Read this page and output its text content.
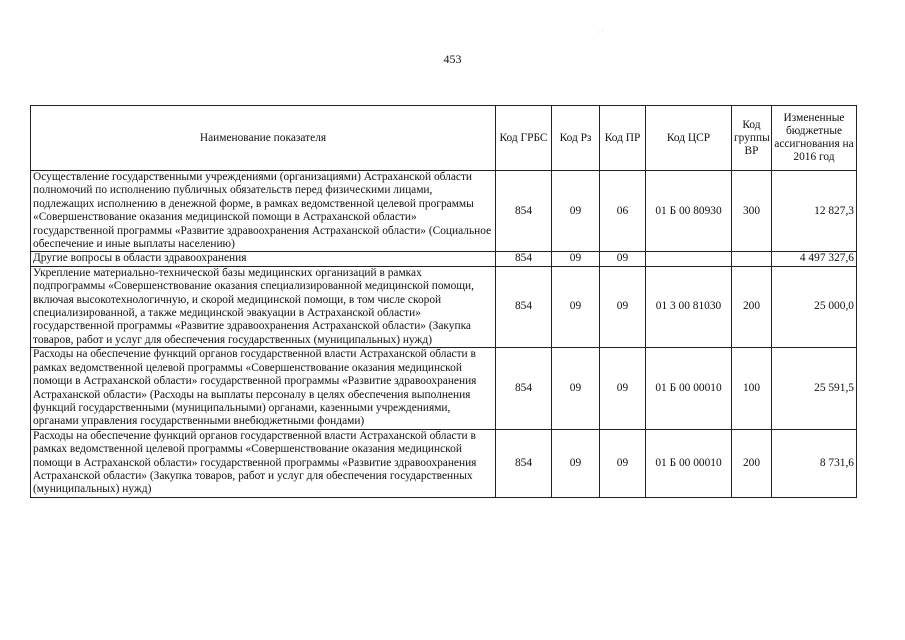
· '
453
Наименование показателя	Код ГРБС	Код Рз	Код ПР	Код ЦСР	Код группы ВР	Измененные бюджетные ассигнования на 2016 год
Осуществление государственными учреждениями (организациями) Астраханской области полномочий по исполнению публичных обязательств перед физическими лицами, подлежащих исполнению в денежной форме, в рамках ведомственной целевой программы «Совершенствование оказания медицинской помощи в Астраханской области» государственной программы «Развитие здравоохранения Астраханской области» (Социальное обеспечение и иные выплаты населению)	854	09	06	01 Б 00 80930	300	12 827,3
Другие вопросы в области здравоохранения	854	09	09			4 497 327,6
Укрепление материально-технической базы медицинских организаций в рамках подпрограммы «Совершенствование оказания специализированной медицинской помощи, включая высокотехнологичную, и скорой медицинской помощи, в том числе скорой специализированной, а также медицинской эвакуации в Астраханской области» государственной программы «Развитие здравоохранения Астраханской области» (Закупка товаров, работ и услуг для обеспечения государственных (муниципальных) нужд)	854	09	09	01 3 00 81030	200	25 000,0
Расходы на обеспечение функций органов государственной власти Астраханской области в рамках ведомственной целевой программы «Совершенствование оказания медицинской помощи в Астраханской области» государственной программы «Развитие здравоохранения Астраханской области» (Расходы на выплаты персоналу в целях обеспечения выполнения функций государственными (муниципальными) органами, казенными учреждениями, органами управления государственными внебюджетными фондами)	854	09	09	01 Б 00 00010	100	25 591,5
Расходы на обеспечение функций органов государственной власти Астраханской области в рамках ведомственной целевой программы «Совершенствование оказания медицинской помощи в Астраханской области» государственной программы «Развитие здравоохранения Астраханской области» (Закупка товаров, работ и услуг для обеспечения государственных (муниципальных) нужд)	854	09	09	01 Б 00 00010	200	8 731,6
